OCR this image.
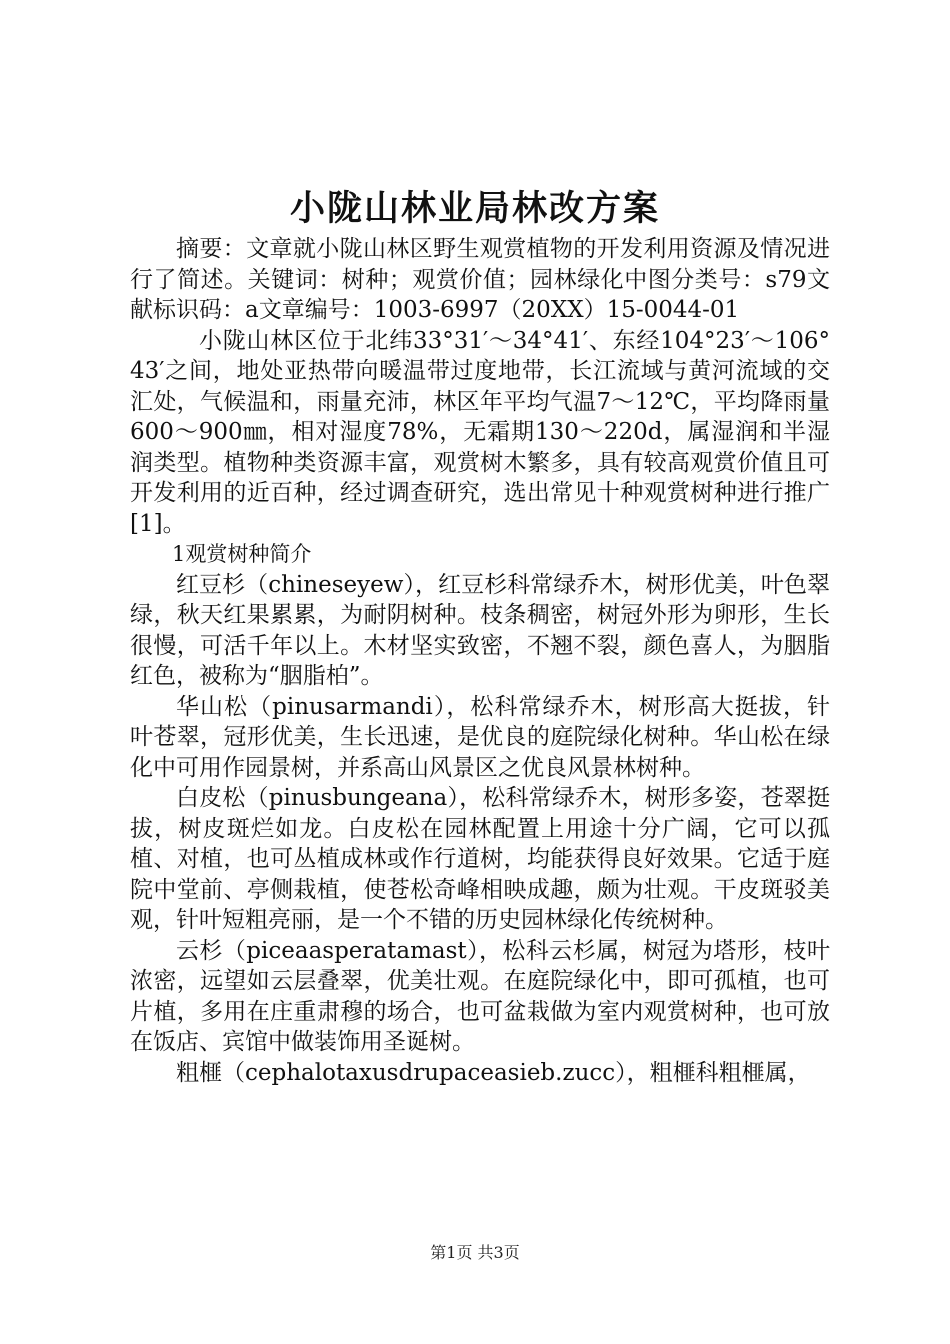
小陇山林业局林改方案

摘要：文章就小陇山林区野生观赏植物的开发利用资源及情况进行了简述。关键词：树种；观赏价值；园林绿化中图分类号：s79文献标识码：a文章编号：1003-6997（20XX）15-0044-01

小陇山林区位于北纬33°31′～34°41′、东经104°23′～106°43′之间，地处亚热带向暖温带过度地带，长江流域与黄河流域的交汇处，气候温和，雨量充沛，林区年平均气温7～12℃，平均降雨量600～900㎜，相对湿度78%，无霜期130～220d，属湿润和半湿润类型。植物种类资源丰富，观赏树木繁多，具有较高观赏价值且可开发利用的近百种，经过调查研究，选出常见十种观赏树种进行推广[1]。

1观赏树种简介

红豆杉（chineseyew），红豆杉科常绿乔木，树形优美，叶色翠绿，秋天红果累累，为耐阴树种。枝条稠密，树冠外形为卵形，生长很慢，可活千年以上。木材坚实致密，不翘不裂，颜色喜人，为胭脂红色，被称为“胭脂柏”。

华山松（pinusarmandi），松科常绿乔木，树形高大挺拔，针叶苍翠，冠形优美，生长迅速，是优良的庭院绿化树种。华山松在绿化中可用作园景树，并系高山风景区之优良风景林树种。

白皮松（pinusbungeana），松科常绿乔木，树形多姿，苍翠挺拔，树皮斑烂如龙。白皮松在园林配置上用途十分广阔，它可以孤植、对植，也可丛植成林或作行道树，均能获得良好效果。它适于庭院中堂前、亭侧栽植，使苍松奇峰相映成趣，颇为壮观。干皮斑驳美观，针叶短粗亮丽，是一个不错的历史园林绿化传统树种。

云杉（piceaasperatamast），松科云杉属，树冠为塔形，枝叶浓密，远望如云层叠翠，优美壮观。在庭院绿化中，即可孤植，也可片植，多用在庄重肃穆的场合，也可盆栽做为室内观赏树种，也可放在饭店、宾馆中做装饰用圣诞树。

粗榧（cephalotaxusdrupaceasieb.zucc），粗榧科粗榧属，

第1页 共3页
